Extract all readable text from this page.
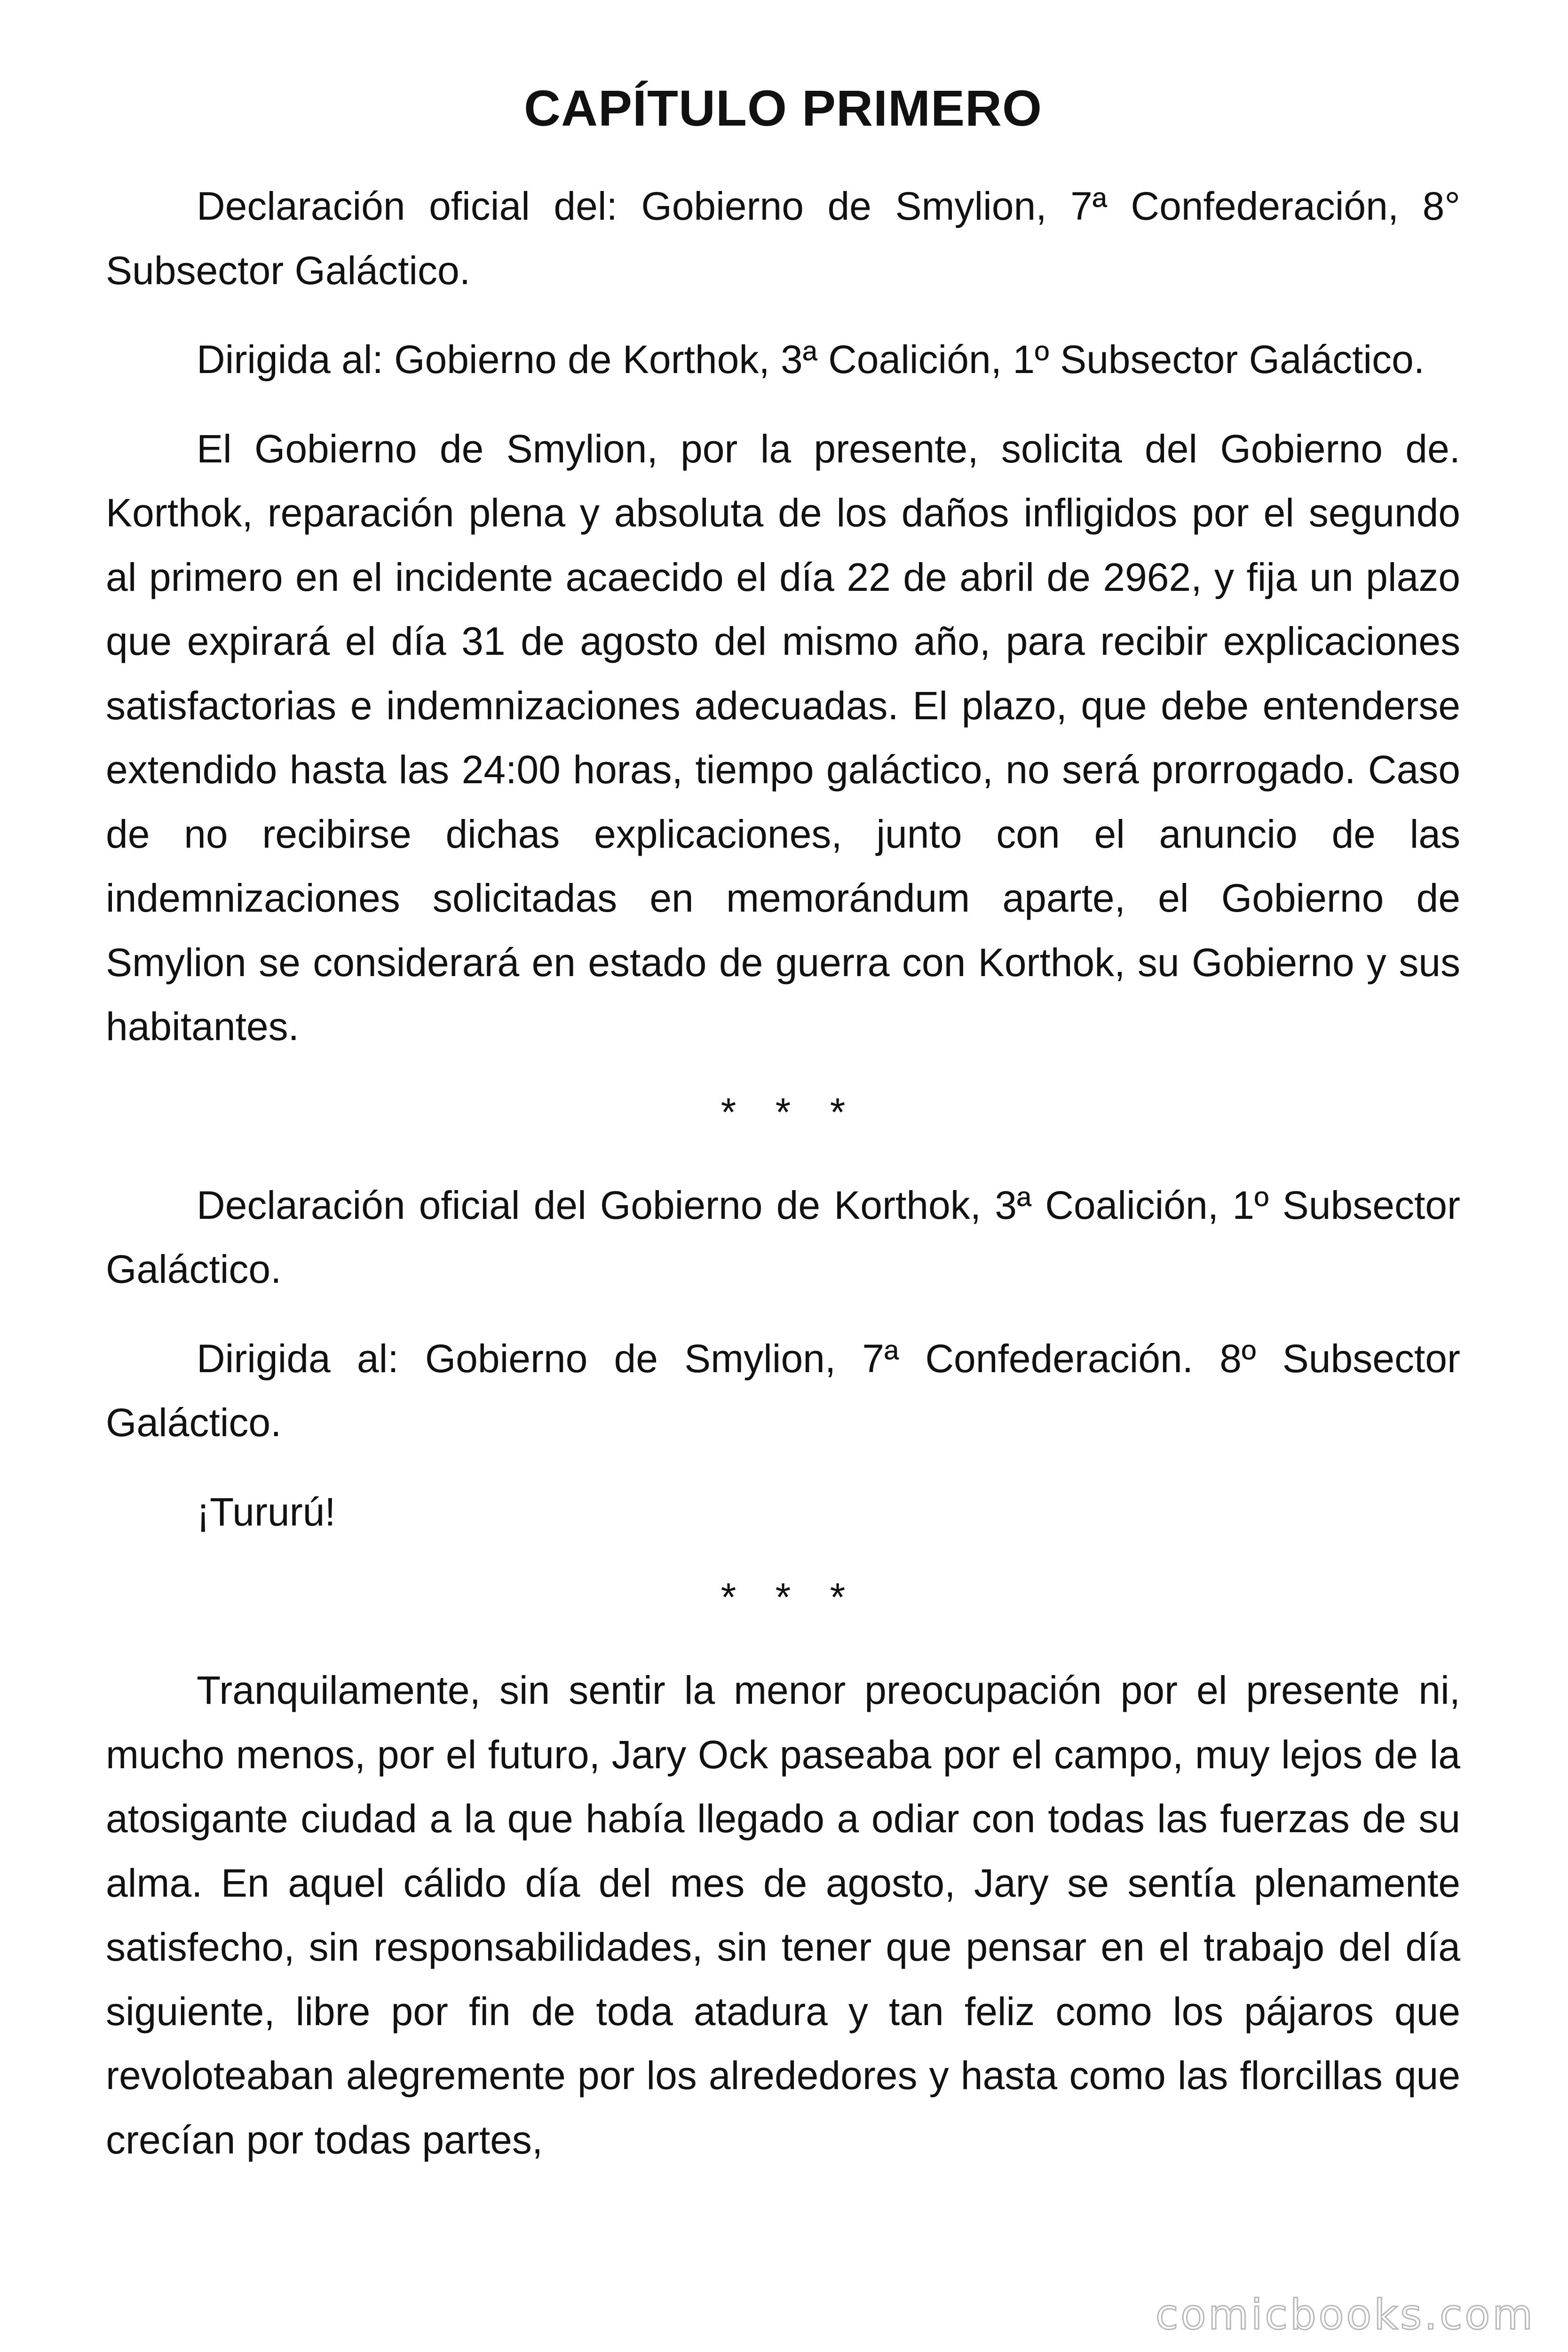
CAPÍTULO PRIMERO

Declaración oficial del: Gobierno de Smylion, 7ª Confederación, 8° Subsector Galáctico.

Dirigida al: Gobierno de Korthok, 3ª Coalición, 1º Subsector Galáctico.

El Gobierno de Smylion, por la presente, solicita del Gobierno de. Korthok, reparación plena y absoluta de los daños infligidos por el segundo al primero en el incidente acaecido el día 22 de abril de 2962, y fija un plazo que expirará el día 31 de agosto del mismo año, para recibir explicaciones satisfactorias e indemnizaciones adecuadas. El plazo, que debe entenderse extendido hasta las 24:00 horas, tiempo galáctico, no será prorrogado. Caso de no recibirse dichas explicaciones, junto con el anuncio de las indemnizaciones solicitadas en memorándum aparte, el Gobierno de Smylion se considerará en estado de guerra con Korthok, su Gobierno y sus habitantes.

* * *

Declaración oficial del Gobierno de Korthok, 3ª Coalición, 1º Subsector Galáctico.

Dirigida al: Gobierno de Smylion, 7ª Confederación. 8º Subsector Galáctico.

¡Tururú!

* * *

Tranquilamente, sin sentir la menor preocupación por el presente ni, mucho menos, por el futuro, Jary Ock paseaba por el campo, muy lejos de la atosigante ciudad a la que había llegado a odiar con todas las fuerzas de su alma. En aquel cálido día del mes de agosto, Jary se sentía plenamente satisfecho, sin responsabilidades, sin tener que pensar en el trabajo del día siguiente, libre por fin de toda atadura y tan feliz como los pájaros que revoloteaban alegremente por los alrededores y hasta como las florcillas que crecían por todas partes,

comicbooks.com
